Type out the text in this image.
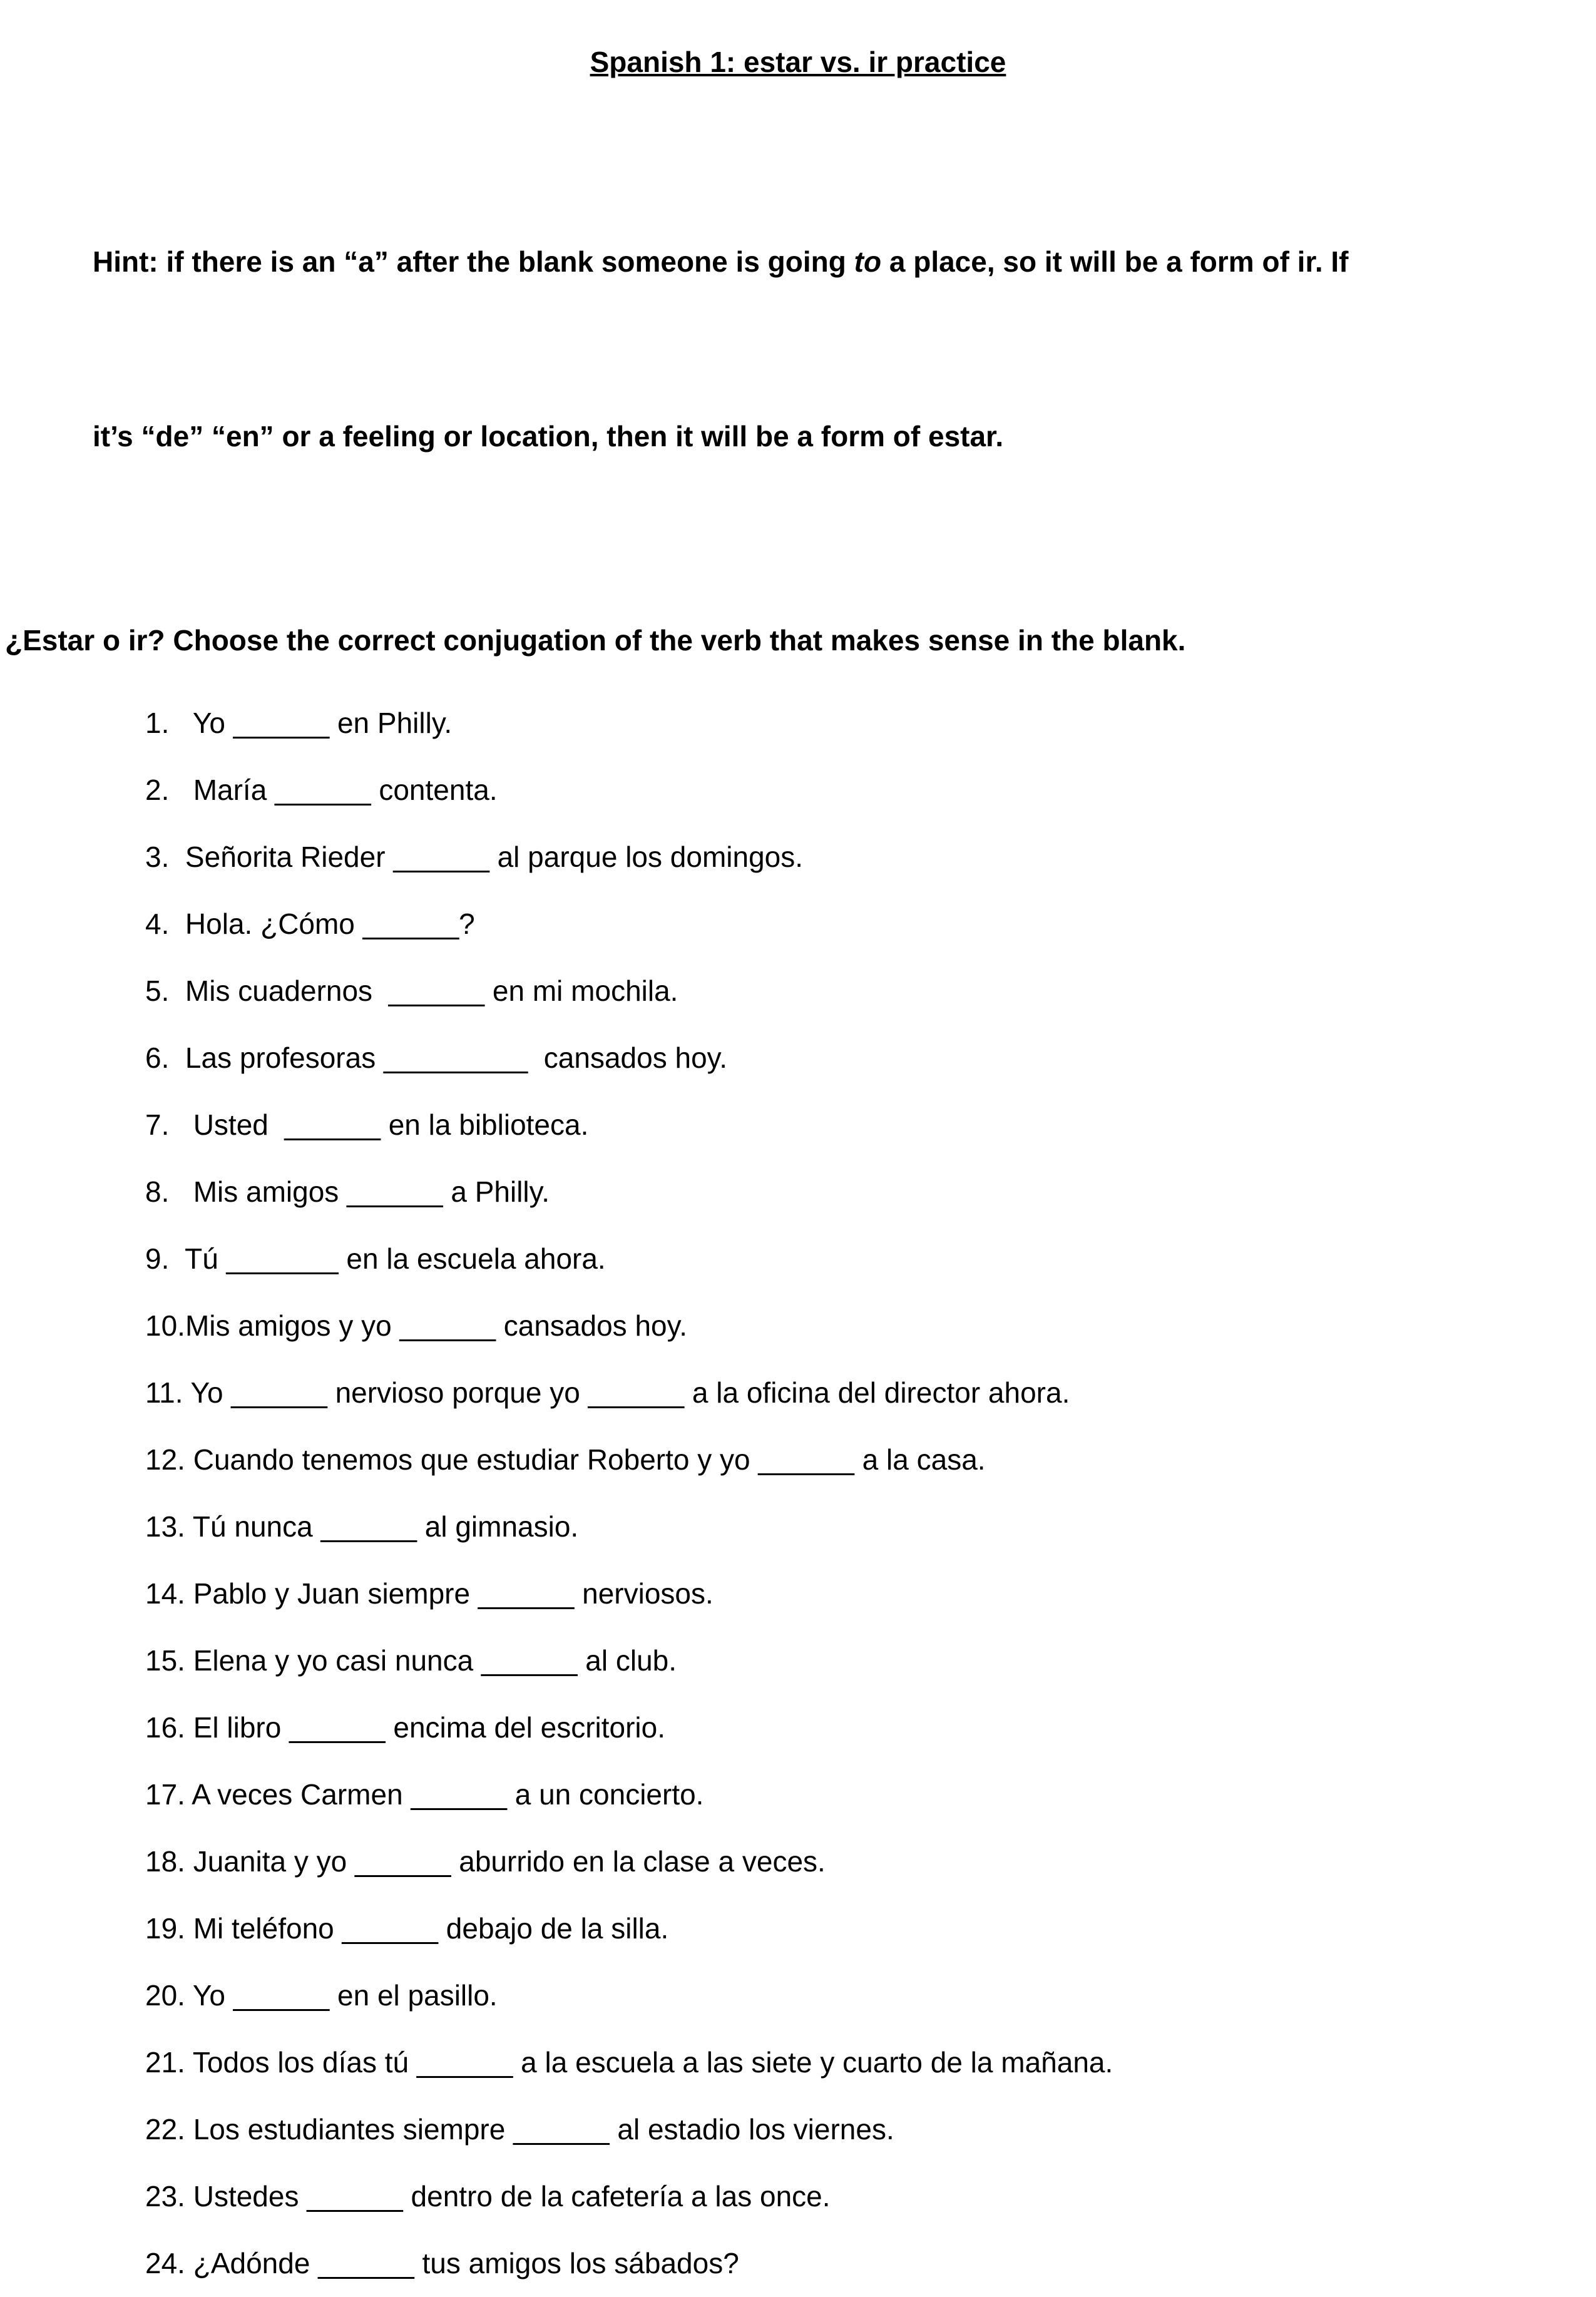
Spanish 1: estar vs. ir practice

Hint: if there is an “a” after the blank someone is going to a place, so it will be a form of ir. If

it’s “de” “en” or a feeling or location, then it will be a form of estar.

¿Estar o ir? Choose the correct conjugation of the verb that makes sense in the blank.
1.   Yo ______ en Philly.
2.   María ______ contenta.
3.  Señorita Rieder ______ al parque los domingos.
4.  Hola. ¿Cómo ______?
5.  Mis cuadernos  ______ en mi mochila.
6.  Las profesoras _________  cansados hoy.
7.   Usted  ______ en la biblioteca.
8.   Mis amigos ______ a Philly.
9.  Tú _______ en la escuela ahora.
10.Mis amigos y yo ______ cansados hoy.
11. Yo ______ nervioso porque yo ______ a la oficina del director ahora.
12. Cuando tenemos que estudiar Roberto y yo ______ a la casa.
13. Tú nunca ______ al gimnasio.
14. Pablo y Juan siempre ______ nerviosos.
15. Elena y yo casi nunca ______ al club.
16. El libro ______ encima del escritorio.
17. A veces Carmen ______ a un concierto.
18. Juanita y yo ______ aburrido en la clase a veces.
19. Mi teléfono ______ debajo de la silla.
20. Yo ______ en el pasillo.
21. Todos los días tú ______ a la escuela a las siete y cuarto de la mañana.
22. Los estudiantes siempre ______ al estadio los viernes.
23. Ustedes ______ dentro de la cafetería a las once.
24. ¿Adónde ______ tus amigos los sábados?
